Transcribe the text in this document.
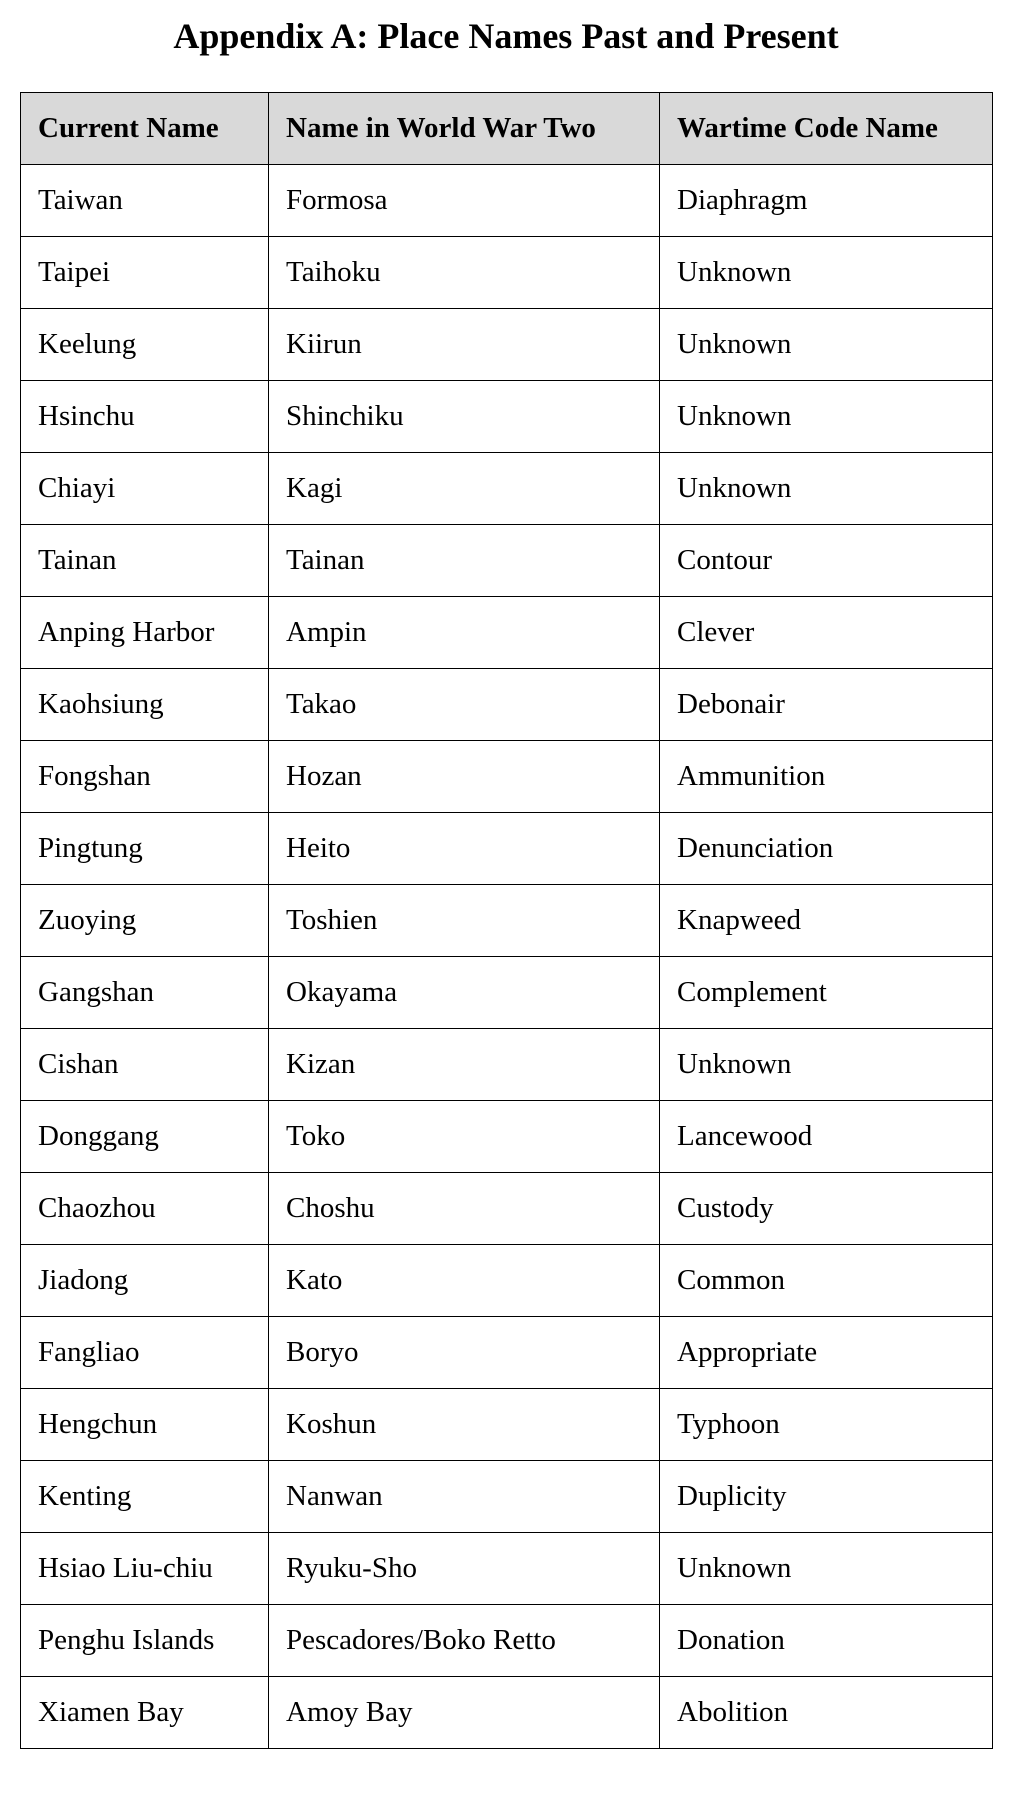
Appendix A: Place Names Past and Present
Current Name	Name in World War Two	Wartime Code Name
Taiwan	Formosa	Diaphragm
Taipei	Taihoku	Unknown
Keelung	Kiirun	Unknown
Hsinchu	Shinchiku	Unknown
Chiayi	Kagi	Unknown
Tainan	Tainan	Contour
Anping Harbor	Ampin	Clever
Kaohsiung	Takao	Debonair
Fongshan	Hozan	Ammunition
Pingtung	Heito	Denunciation
Zuoying	Toshien	Knapweed
Gangshan	Okayama	Complement
Cishan	Kizan	Unknown
Donggang	Toko	Lancewood
Chaozhou	Choshu	Custody
Jiadong	Kato	Common
Fangliao	Boryo	Appropriate
Hengchun	Koshun	Typhoon
Kenting	Nanwan	Duplicity
Hsiao Liu-chiu	Ryuku-Sho	Unknown
Penghu Islands	Pescadores/Boko Retto	Donation
Xiamen Bay	Amoy Bay	Abolition
